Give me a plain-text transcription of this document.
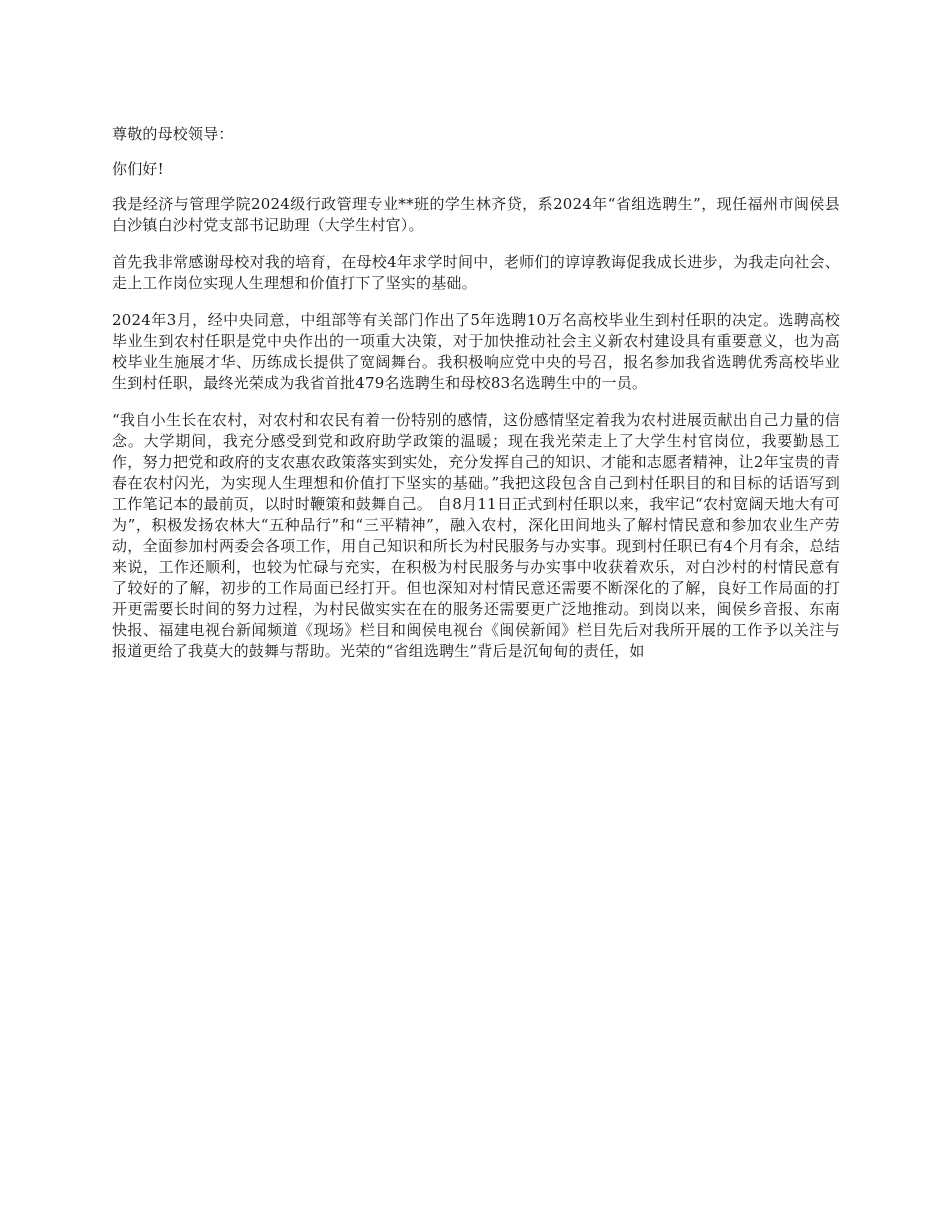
尊敬的母校领导：

你们好!

我是经济与管理学院2024级行政管理专业**班的学生林齐贷，系2024年“省组选聘生”，现任福州市闽侯县白沙镇白沙村党支部书记助理（大学生村官）。

首先我非常感谢母校对我的培育，在母校4年求学时间中，老师们的谆谆教诲促我成长进步，为我走向社会、走上工作岗位实现人生理想和价值打下了坚实的基础。

2024年3月，经中央同意，中组部等有关部门作出了5年选聘10万名高校毕业生到村任职的决定。选聘高校毕业生到农村任职是党中央作出的一项重大决策，对于加快推动社会主义新农村建设具有重要意义，也为高校毕业生施展才华、历练成长提供了宽阔舞台。我积极响应党中央的号召，报名参加我省选聘优秀高校毕业生到村任职，最终光荣成为我省首批479名选聘生和母校83名选聘生中的一员。

“我自小生长在农村，对农村和农民有着一份特别的感情，这份感情坚定着我为农村进展贡献出自己力量的信念。大学期间，我充分感受到党和政府助学政策的温暖；现在我光荣走上了大学生村官岗位，我要勤恳工作，努力把党和政府的支农惠农政策落实到实处，充分发挥自己的知识、才能和志愿者精神，让2年宝贵的青春在农村闪光，为实现人生理想和价值打下坚实的基础。”我把这段包含自己到村任职目的和目标的话语写到工作笔记本的最前页，以时时鞭策和鼓舞自己。 自8月11日正式到村任职以来，我牢记“农村宽阔天地大有可为”，积极发扬农林大“五种品行”和“三平精神”，融入农村，深化田间地头了解村情民意和参加农业生产劳动，全面参加村两委会各项工作，用自己知识和所长为村民服务与办实事。现到村任职已有4个月有余，总结来说，工作还顺利，也较为忙碌与充实，在积极为村民服务与办实事中收获着欢乐，对白沙村的村情民意有了较好的了解，初步的工作局面已经打开。但也深知对村情民意还需要不断深化的了解，良好工作局面的打开更需要长时间的努力过程，为村民做实实在在的服务还需要更广泛地推动。到岗以来，闽侯乡音报、东南快报、福建电视台新闻频道《现场》栏目和闽侯电视台《闽侯新闻》栏目先后对我所开展的工作予以关注与报道更给了我莫大的鼓舞与帮助。光荣的“省组选聘生”背后是沉甸甸的责任，如
